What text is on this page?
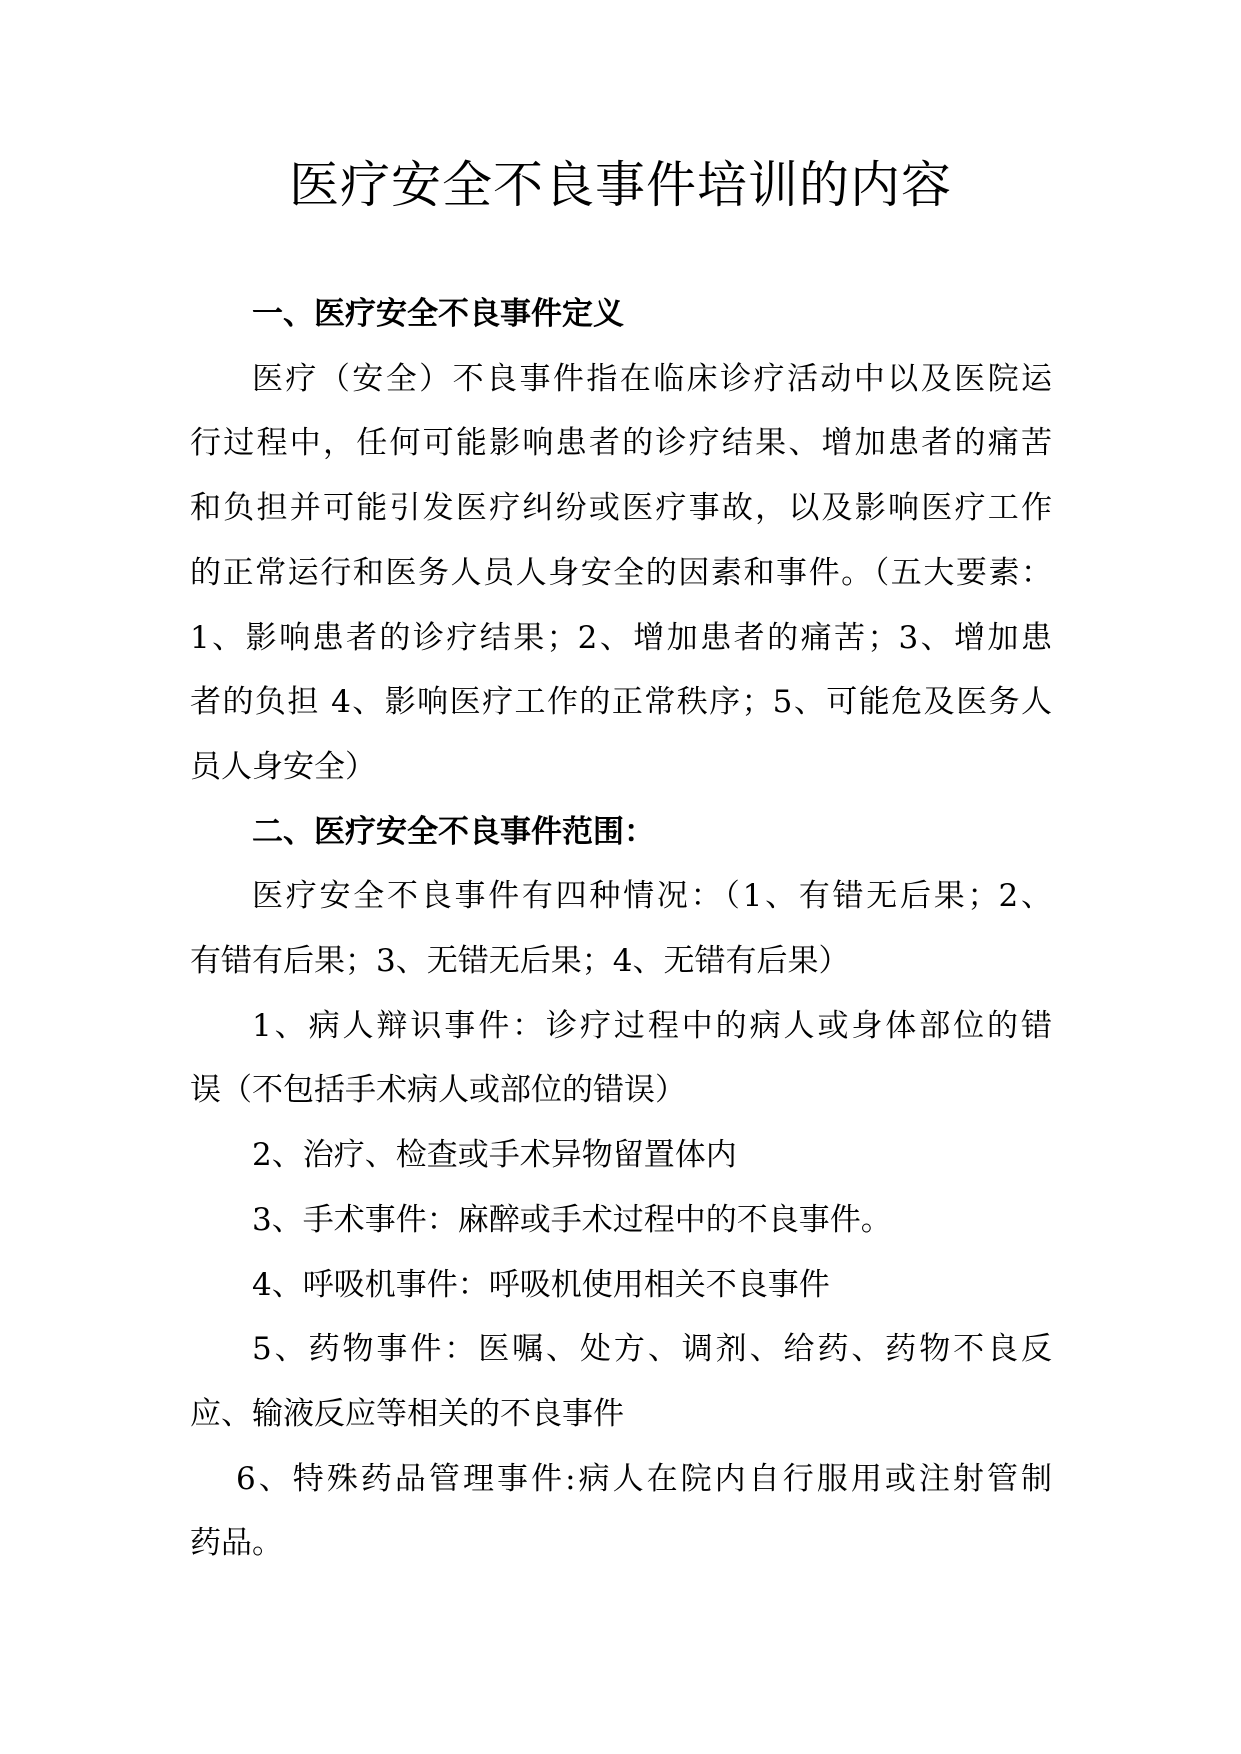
医疗安全不良事件培训的内容

一、医疗安全不良事件定义

医疗（安全）不良事件指在临床诊疗活动中以及医院运
行过程中，任何可能影响患者的诊疗结果、增加患者的痛苦
和负担并可能引发医疗纠纷或医疗事故，以及影响医疗工作
的正常运行和医务人员人身安全的因素和事件。（五大要素：
1、影响患者的诊疗结果；2、增加患者的痛苦；3、增加患
者的负担 4、影响医疗工作的正常秩序；5、可能危及医务人
员人身安全）

二、医疗安全不良事件范围：

医疗安全不良事件有四种情况：（1、有错无后果；2、
有错有后果；3、无错无后果；4、无错有后果）

1、病人辩识事件：诊疗过程中的病人或身体部位的错
误（不包括手术病人或部位的错误）

2、治疗、检查或手术异物留置体内

3、手术事件：麻醉或手术过程中的不良事件。

4、呼吸机事件：呼吸机使用相关不良事件

5、药物事件：医嘱、处方、调剂、给药、药物不良反
应、输液反应等相关的不良事件

6、特殊药品管理事件:病人在院内自行服用或注射管制
药品。
